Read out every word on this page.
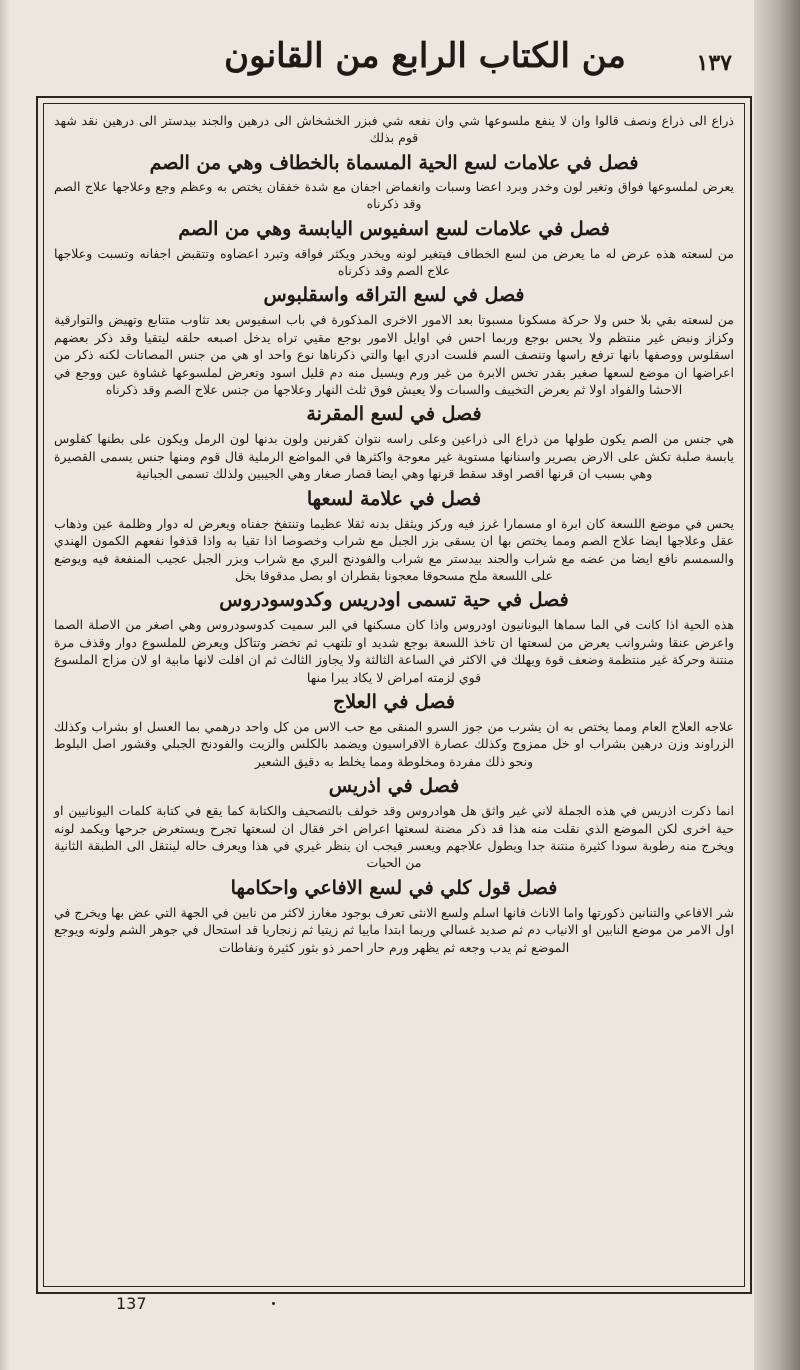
۱۳۷
من الكتاب الرابع من القانون

ذراع الى ذراع ونصف قالوا وان لا ينفع ملسوعها شي وان نفعه شي فبزر الخشخاش الى درهين والجند بيدستر الى درهين نقد شهد قوم بذلك

فصل في علامات لسع الحية المسماة بالخطاف وهي من الصم

يعرض لملسوعها فواق وتغير لون وخدر وبرد اعضا وسبات وانغماض اجفان مع شدة خفقان يختص به وعظم وجع وعلاجها علاج الصم وقد ذكرناه

فصل في علامات لسع اسفيوس اليابسة وهي من الصم

من لسعته هذه عرض له ما يعرض من لسع الخطاف فيتغير لونه ويخدر ويكثر فواقه وتبرد اعضاوه وتتقبض اجفانه وتسبت وعلاجها علاج الصم وقد ذكرناه

فصل في لسع التراقه واسقلبوس

من لسعته بقي بلا حس ولا حركة مسكونا مسبوتا بعد الامور الاخرى المذكورة في باب اسفيوس بعد تثاوب متتابع وتهيض والتوارقية وكزاز ونبض غير منتظم ولا يحس بوجع وربما احس في اوايل الامور بوجع مقيي تراه يدخل اصبعه حلقه ليتقيا وقد ذكر بعضهم اسقلوس ووصفها بانها ترفع راسها وتنصف السم فلست ادري ابها والتي ذكرناها نوع واحد او هي من جنس المصاتات لكنه ذكر من اعراضها ان موضع لسعها صغير بقدر تخس الابرة من غير ورم ويسيل منه دم قليل اسود وتعرض لملسوعها غشاوة عين ووجع في الاحشا والفواد اولا ثم يعرض التخييف والسبات ولا يعيش فوق ثلث النهار وعلاجها من جنس علاج الصم وقد ذكرناه

فصل في لسع المقرنة

هي جنس من الصم يكون طولها من ذراع الى ذراعين وعلى راسه نتوان كقرنين ولون بدنها لون الرمل ويكون على بطنها كفلوس يابسة صلبة تكش على الارض بصرير واسنانها مستوية غير معوجة واكثرها في المواضع الرملية قال قوم ومنها جنس يسمى القصيرة وهي بسبب ان قرنها اقصر اوقد سقط قرنها وهي ايضا قصار صغار وهي الجيبين ولذلك تسمى الجبانية

فصل في علامة لسعها

يحس في موضع اللسعة كان ابرة او مسمارا غرز فيه وركز ويثقل بدنه ثقلا عظيما وتنتفخ جفناه ويعرض له دوار وظلمة عين وذهاب عقل وعلاجها ايضا علاج الصم ومما يختص بها ان يسقى بزر الجبل مع شراب وخصوصا اذا تقيا به واذا قذفوا نفعهم الكمون الهندي والسمسم نافع ايضا من عضه مع شراب والجند بيدستر مع شراب والفودنج البري مع شراب وبزر الجبل عجيب المنفعة فيه ويوضع على اللسعة ملح مسحوقا معجونا بقطران او بصل مدقوقا بخل

فصل في حية تسمى اودريس وكدوسودروس

هذه الحية اذا كانت في الما سماها اليونانيون اودروس واذا كان مسكنها في البر سميت كدوسودروس وهي اصغر من الاصلة الصما واعرض عنقا وشروانب يعرض من لسعتها ان تاخذ اللسعة بوجع شديد او تلتهب ثم تخضر وتتاكل ويعرض للملسوع دوار وقذف مرة منتنة وحركة غير منتظمة وضعف قوة ويهلك في الاكثر في الساعة الثالثة ولا يجاوز الثالث ثم ان افلت لانها مابية او لان مزاج الملسوع قوي لزمته امراض لا يكاد يبرا منها

فصل في العلاج

علاجه العلاج العام ومما يختص به ان يشرب من جوز السرو المنقى مع حب الاس من كل واحد درهمي بما العسل او بشراب وكذلك الزراوند وزن درهين بشراب او خل ممزوج وكذلك عصارة الافراسيون ويضمد بالكلس والزيت والفودنج الجبلي وقشور اصل البلوط ونحو ذلك مفردة ومخلوطة ومما يخلط به دقيق الشعير

فصل في اذريس

انما ذكرت اذريس في هذه الجملة لاني غير واثق هل هوادروس وقد خولف بالتصحيف والكتابة كما يقع في كتابة كلمات اليونانيين او حية اخرى لكن الموضع الذي نقلت منه هذا قد ذكر مضنة لسعتها اعراض اخر فقال ان لسعتها تجرح ويستعرض جرحها ويكمد لونه ويخرج منه رطوبة سودا كثيرة منتنة جدا ويطول علاجهم ويعسر فيجب ان ينظر غيري في هذا ويعرف حاله لينتقل الى الطبقة الثانية من الحيات

فصل قول كلي في لسع الافاعي واحكامها

شر الافاعي والتنانين ذكورتها واما الاناث فانها اسلم ولسع الانثى تعرف بوجود مغارز لاكثر من نابين في الجهة التي عض بها ويخرج في اول الامر من موضع النابين او الانياب دم ثم صديد غسالي وربما ابتدا ماييا ثم زيتيا ثم زنجاريا قد استحال في جوهر الشم ولونه ويوجع الموضع ثم يدب وجعه ثم يظهر ورم حار احمر ذو بثور كثيرة ونفاطات

137
